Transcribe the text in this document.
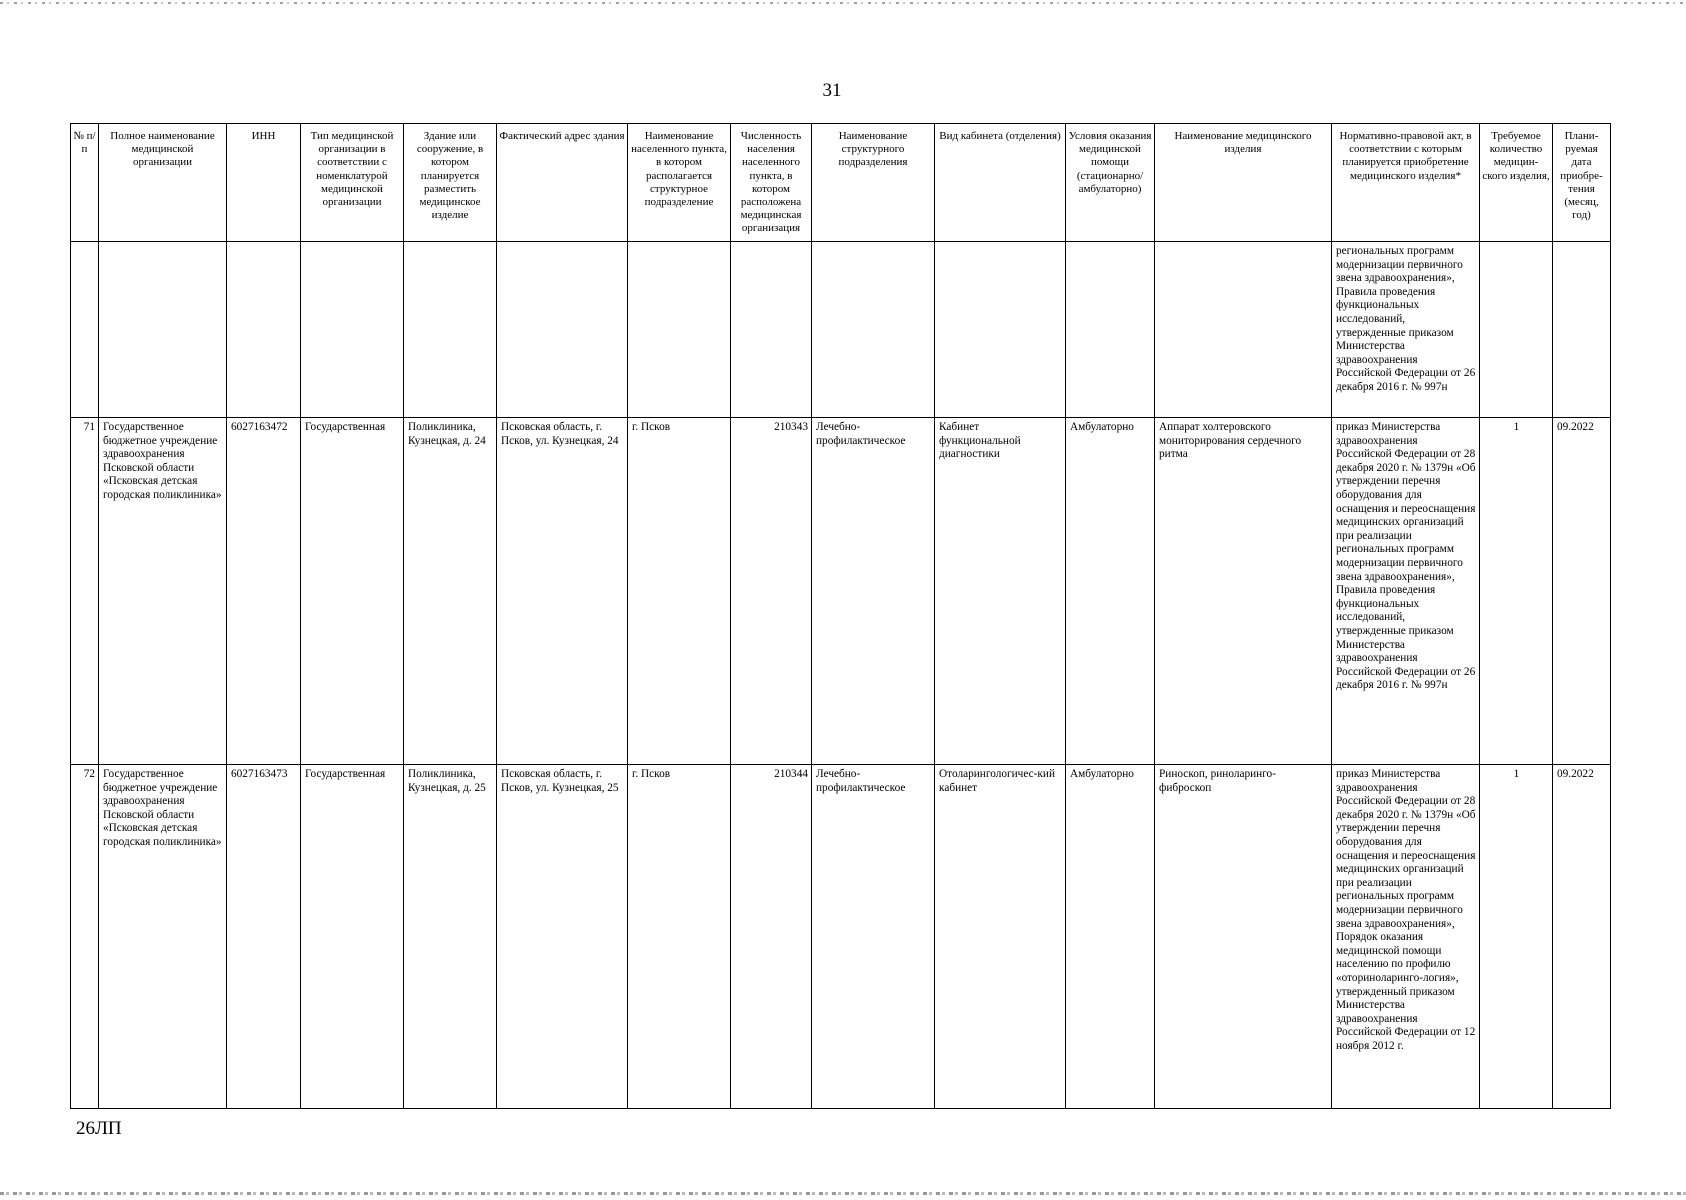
31
№ п/п	Полное наименование медицинской организации	ИНН	Тип медицинской организации в соответствии с номенклатурой медицинской организации	Здание или сооружение, в котором планируется разместить медицинское изделие	Фактический адрес здания	Наименование населенного пункта, в котором располагается структурное подразделение	Численность населения населенного пункта, в котором расположена медицинская организация	Наименование структурного подразделения	Вид кабинета (отделения)	Условия оказания медицинской помощи (стационарно/ амбулаторно)	Наименование медицинского изделия	Нормативно-правовой акт, в соответствии с которым планируется приобретение медицинского изделия*	Требуемое количество медицин-ского изделия,	Плани-руемая дата приобре-тения (месяц, год)
												региональных программ модернизации первичного звена здравоохранения», Правила проведения функциональных исследований, утвержденные приказом Министерства здравоохранения Российской Федерации от 26 декабря 2016 г. № 997н		
71	Государственное бюджетное учреждение здравоохранения Псковской области «Псковская детская городская поликлиника»	6027163472	Государственная	Поликлиника, Кузнецкая, д. 24	Псковская область, г. Псков, ул. Кузнецкая, 24	г. Псков	210343	Лечебно-профилактическое	Кабинет функциональной диагностики	Амбулаторно	Аппарат холтеровского мониторирования сердечного ритма	приказ Министерства здравоохранения Российской Федерации от 28 декабря 2020 г. № 1379н «Об утверждении перечня оборудования для оснащения и переоснащения медицинских организаций при реализации региональных программ модернизации первичного звена здравоохранения», Правила проведения функциональных исследований, утвержденные приказом Министерства здравоохранения Российской Федерации от 26 декабря 2016 г. № 997н	1	09.2022
72	Государственное бюджетное учреждение здравоохранения Псковской области «Псковская детская городская поликлиника»	6027163473	Государственная	Поликлиника, Кузнецкая, д. 25	Псковская область, г. Псков, ул. Кузнецкая, 25	г. Псков	210344	Лечебно-профилактическое	Отоларингологичес-кий кабинет	Амбулаторно	Риноскоп, риноларинго-фиброскоп	приказ Министерства здравоохранения Российской Федерации от 28 декабря 2020 г. № 1379н «Об утверждении перечня оборудования для оснащения и переоснащения медицинских организаций при реализации региональных программ модернизации первичного звена здравоохранения», Порядок оказания медицинской помощи населению по профилю «оториноларинго-логия», утвержденный приказом Министерства здравоохранения Российской Федерации от 12 ноября 2012 г.	1	09.2022
26ЛП
